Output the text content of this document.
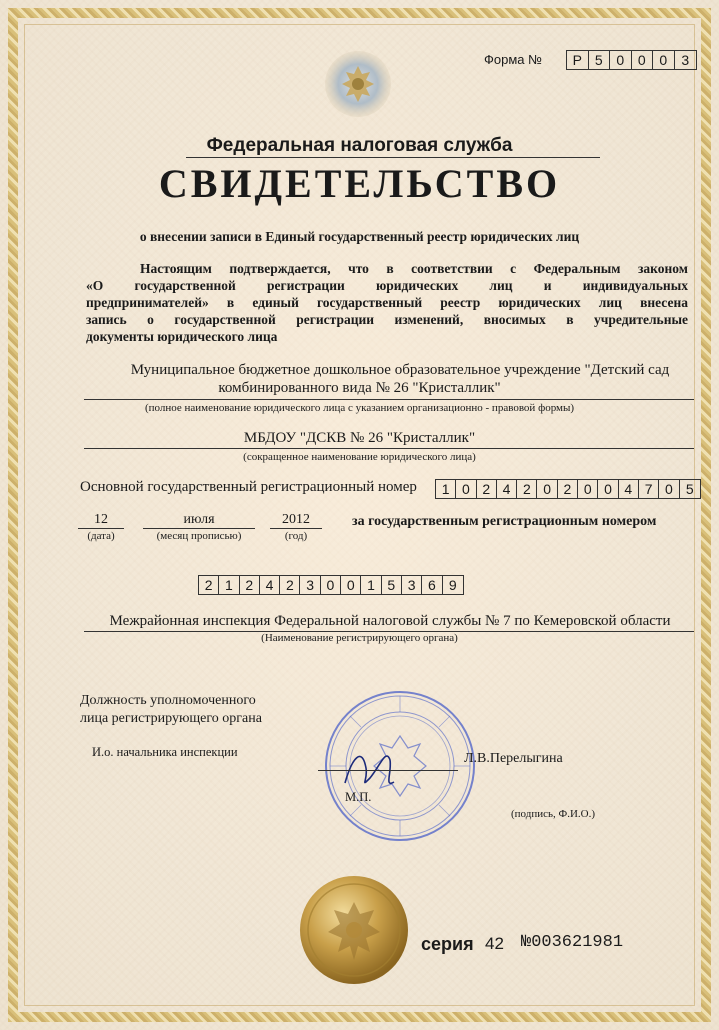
Форма №	Р 5 0 0 0	3
Федеральная налоговая служба
СВИДЕТЕЛЬСТВО
о внесении записи в Единый государственный реестр юридических лиц
Настоящим подтверждается, что в соответствии с Федеральным законом
«О государственной регистрации юридических лиц и индивидуальных
предпринимателей» в единый государственный реестр юридических лиц внесена
запись о государственной регистрации изменений, вносимых в учредительные
документы юридического лица
Муниципальное бюджетное дошкольное образовательное учреждение "Детский сад
комбинированного вида № 26 "Кристаллик"
(полное наименование юридического лица с указанием организационно - правовой формы)
МБДОУ "ДСКВ № 26 "Кристаллик"
(сокращенное наименование юридического лица)
Основной государственный регистрационный номер	1 0 2 4 2 0 2 0 0 4 7 0 5
12
(дата)
июля
(месяц прописью)
2012
(год)
за государственным регистрационным номером
2 1 2 4 2 3 0 0 1 5 3 6 9
Межрайонная инспекция Федеральной налоговой службы № 7 по Кемеровской области
(Наименование регистрирующего органа)
Должность уполномоченного
лица регистрирующего органа
И.о. начальника инспекции	Л.В.Перелыгина
М.П.
(подпись, Ф.И.О.)
серия 42 №003621981
